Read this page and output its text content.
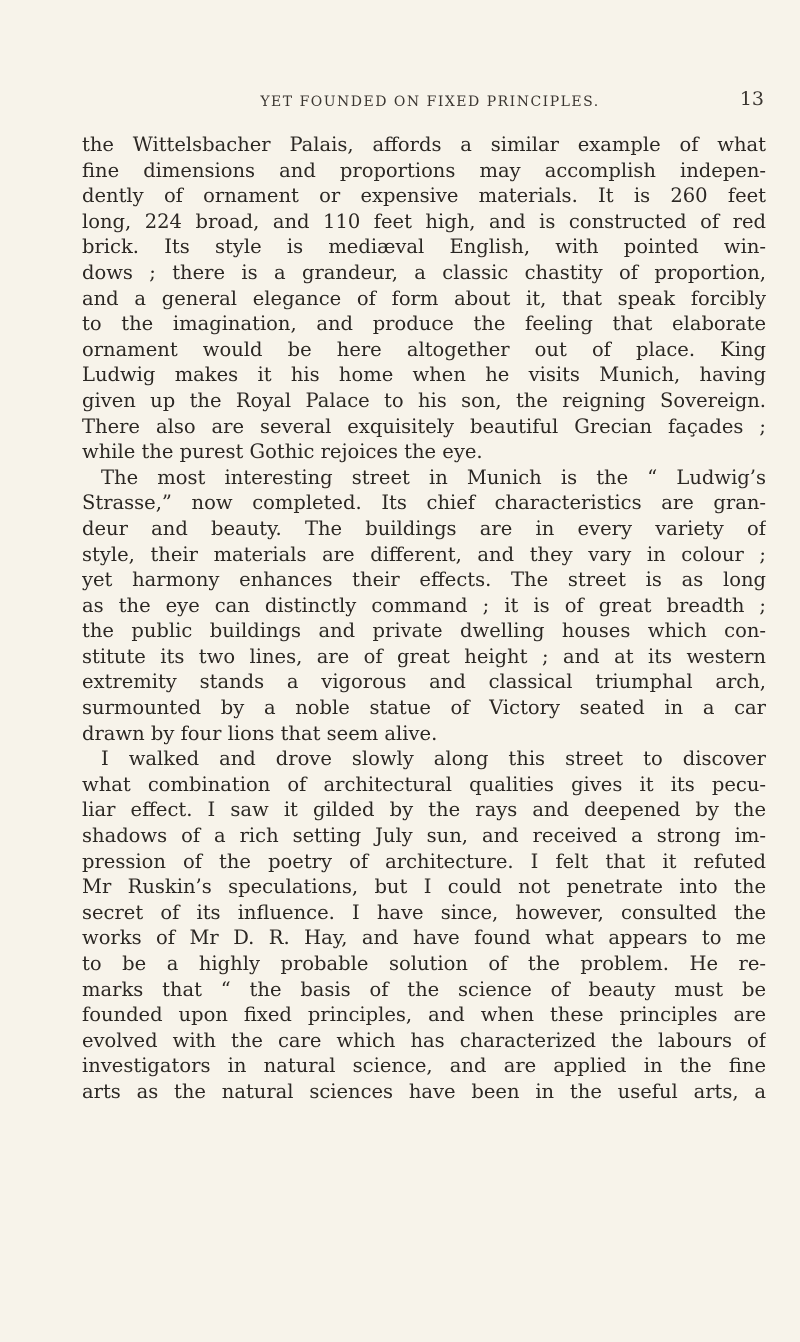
YET FOUNDED ON FIXED PRINCIPLES.	13
the Wittelsbacher Palais, affords a similar example of what
fine dimensions and proportions may accomplish indepen-
dently of ornament or expensive materials. It is 260 feet
long, 224 broad, and 110 feet high, and is constructed of red
brick. Its style is mediæval English, with pointed win-
dows ; there is a grandeur, a classic chastity of proportion,
and a general elegance of form about it, that speak forcibly
to the imagination, and produce the feeling that elaborate
ornament would be here altogether out of place. King
Ludwig makes it his home when he visits Munich, having
given up the Royal Palace to his son, the reigning Sovereign.
There also are several exquisitely beautiful Grecian façades ;
while the purest Gothic rejoices the eye.
The most interesting street in Munich is the “ Ludwig’s
Strasse,” now completed. Its chief characteristics are gran-
deur and beauty. The buildings are in every variety of
style, their materials are different, and they vary in colour ;
yet harmony enhances their effects. The street is as long
as the eye can distinctly command ; it is of great breadth ;
the public buildings and private dwelling houses which con-
stitute its two lines, are of great height ; and at its western
extremity stands a vigorous and classical triumphal arch,
surmounted by a noble statue of Victory seated in a car
drawn by four lions that seem alive.
I walked and drove slowly along this street to discover
what combination of architectural qualities gives it its pecu-
liar effect. I saw it gilded by the rays and deepened by the
shadows of a rich setting July sun, and received a strong im-
pression of the poetry of architecture. I felt that it refuted
Mr Ruskin’s speculations, but I could not penetrate into the
secret of its influence. I have since, however, consulted the
works of Mr D. R. Hay, and have found what appears to me
to be a highly probable solution of the problem. He re-
marks that “ the basis of the science of beauty must be
founded upon fixed principles, and when these principles are
evolved with the care which has characterized the labours of
investigators in natural science, and are applied in the fine
arts as the natural sciences have been in the useful arts, a
